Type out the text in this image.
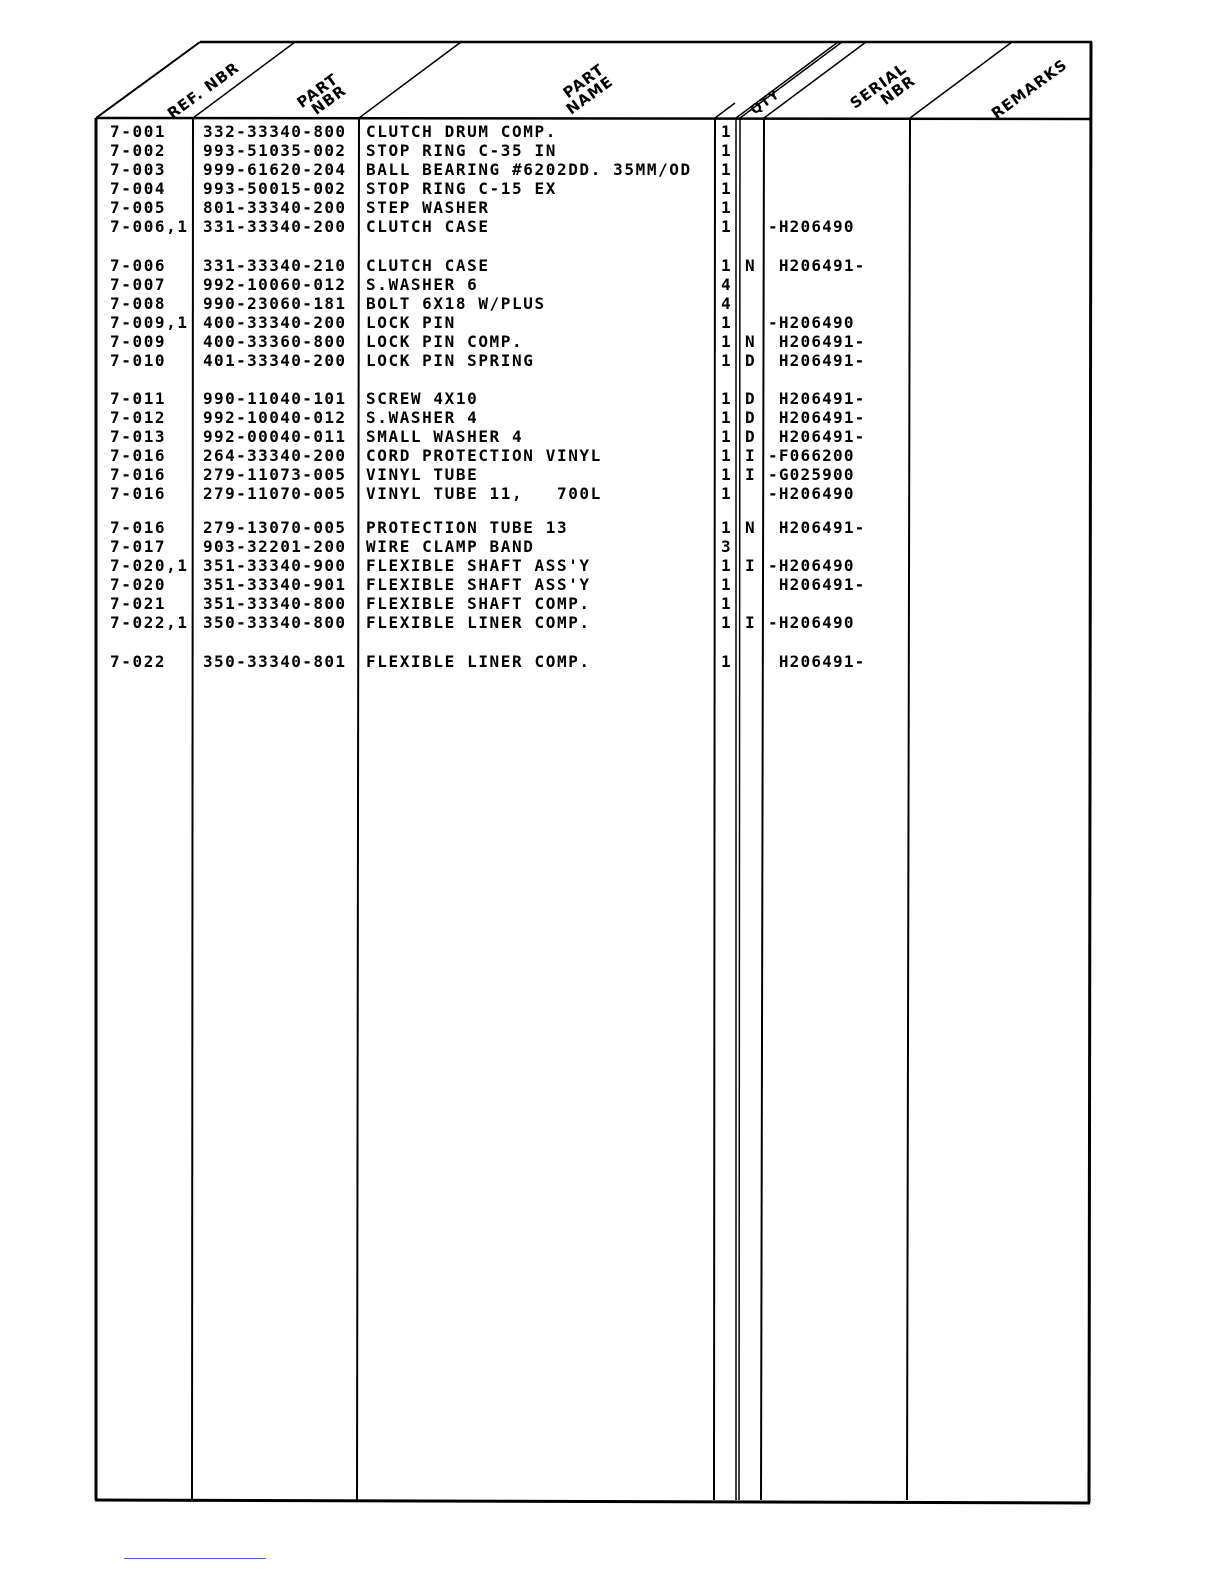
REF. NBR	PART NBR	PART NAME	QTY	SERIAL NBR	REMARKS
7-001 332-33340-800 CLUTCH DRUM COMP.	1
7-002 993-51035-002 STOP RING C-35 IN	1
7-003 999-61620-204 BALL BEARING #6202DD. 35MM/OD 1
7-004 993-50015-002 STOP RING C-15 EX	1
7-005 801-33340-200 STEP WASHER	1
7-006,1 331-33340-200 CLUTCH CASE	1 -H206490
7-006 331-33340-210 CLUTCH CASE	1 N H206491-
7-007 992-10060-012 S.WASHER 6	4
7-008 990-23060-181 BOLT 6X18 W/PLUS	4
7-009,1 400-33340-200 LOCK PIN	1 -H206490
7-009 400-33360-800 LOCK PIN COMP.	1 N H206491-
7-010 401-33340-200 LOCK PIN SPRING	1 D H206491-
7-011 990-11040-101 SCREW 4X10	1 D H206491-
7-012 992-10040-012 S.WASHER 4	1 D H206491-
7-013 992-00040-011 SMALL WASHER 4	1 D H206491-
7-016 264-33340-200 CORD PROTECTION VINYL	1 I -F066200
7-016 279-11073-005 VINYL TUBE	1 I -G025900
7-016 279-11070-005 VINYL TUBE 11,   700L	1 -H206490
7-016 279-13070-005 PROTECTION TUBE 13	1 N H206491-
7-017 903-32201-200 WIRE CLAMP BAND	3
7-020,1 351-33340-900 FLEXIBLE SHAFT ASS'Y	1 I -H206490
7-020 351-33340-901 FLEXIBLE SHAFT ASS'Y	1 H206491-
7-021 351-33340-800 FLEXIBLE SHAFT COMP.	1
7-022,1 350-33340-800 FLEXIBLE LINER COMP.	1 I -H206490
7-022 350-33340-801 FLEXIBLE LINER COMP.	1 H206491-
